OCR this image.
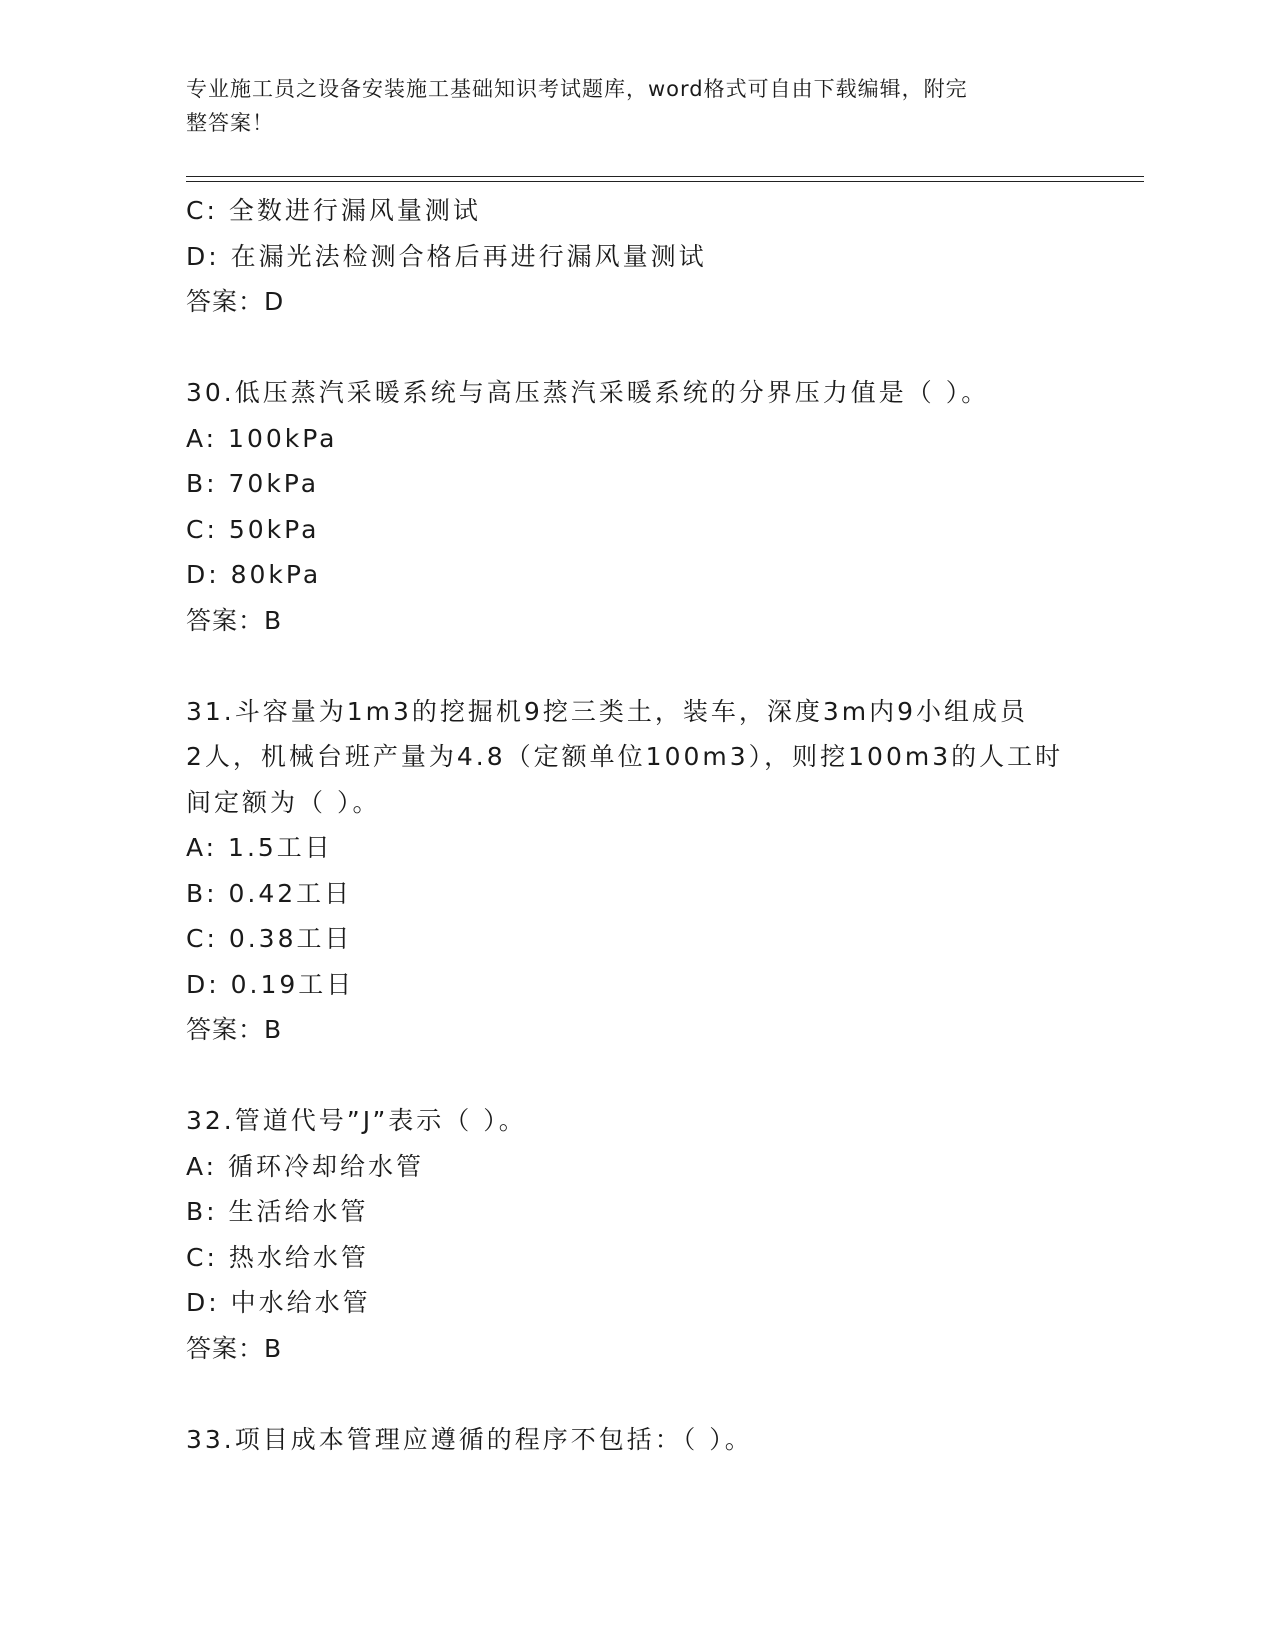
专业施工员之设备安装施工基础知识考试题库，word格式可自由下载编辑，附完
整答案！
C: 全数进行漏风量测试
D: 在漏光法检测合格后再进行漏风量测试
答案：D
30.低压蒸汽采暖系统与高压蒸汽采暖系统的分界压力值是（ ）。
A: 100kPa
B: 70kPa
C: 50kPa
D: 80kPa
答案：B
31.斗容量为1m3的挖掘机9挖三类土，装车，深度3m内9小组成员
2人，机械台班产量为4.8（定额单位100m3），则挖100m3的人工时
间定额为（ ）。
A: 1.5工日
B: 0.42工日
C: 0.38工日
D: 0.19工日
答案：B
32.管道代号”J”表示（ ）。
A: 循环冷却给水管
B: 生活给水管
C: 热水给水管
D: 中水给水管
答案：B
33.项目成本管理应遵循的程序不包括：（ ）。
